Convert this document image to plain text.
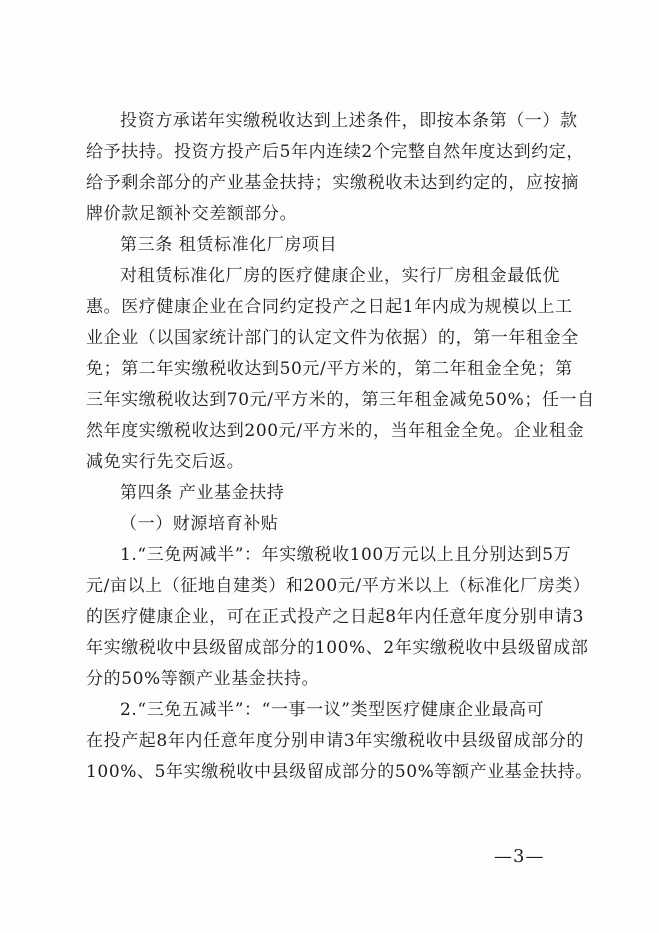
投资方承诺年实缴税收达到上述条件，即按本条第（一）款
给予扶持。投资方投产后5年内连续2个完整自然年度达到约定，
给予剩余部分的产业基金扶持；实缴税收未达到约定的，应按摘
牌价款足额补交差额部分。
第三条 租赁标准化厂房项目
对租赁标准化厂房的医疗健康企业，实行厂房租金最低优
惠。医疗健康企业在合同约定投产之日起1年内成为规模以上工
业企业（以国家统计部门的认定文件为依据）的，第一年租金全
免；第二年实缴税收达到50元/平方米的，第二年租金全免；第
三年实缴税收达到70元/平方米的，第三年租金减免50%；任一自
然年度实缴税收达到200元/平方米的，当年租金全免。企业租金
减免实行先交后返。
第四条 产业基金扶持
（一）财源培育补贴
1.“三免两减半”：年实缴税收100万元以上且分别达到5万
元/亩以上（征地自建类）和200元/平方米以上（标准化厂房类）
的医疗健康企业，可在正式投产之日起8年内任意年度分别申请3
年实缴税收中县级留成部分的100%、2年实缴税收中县级留成部
分的50%等额产业基金扶持。
2.“三免五减半”：“一事一议”类型医疗健康企业最高可
在投产起8年内任意年度分别申请3年实缴税收中县级留成部分的
100%、5年实缴税收中县级留成部分的50%等额产业基金扶持。
—3—
